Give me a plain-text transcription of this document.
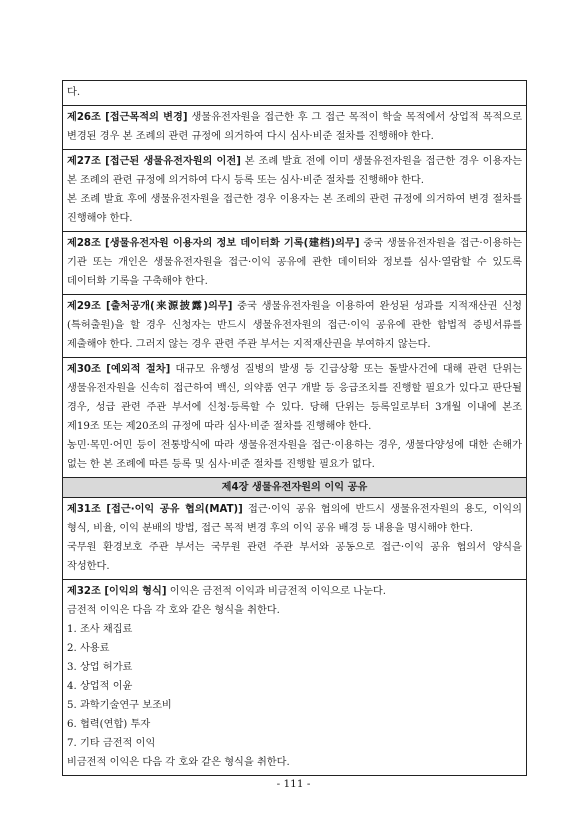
다.

제26조 [접근목적의 변경] 생물유전자원을 접근한 후 그 접근 목적이 학술 목적에서 상업적 목적으로 변경된 경우 본 조례의 관련 규정에 의거하여 다시 심사·비준 절차를 진행해야 한다.

제27조 [접근된 생물유전자원의 이전] 본 조례 발효 전에 이미 생물유전자원을 접근한 경우 이용자는 본 조례의 관련 규정에 의거하여 다시 등록 또는 심사·비준 절차를 진행해야 한다.

본 조례 발효 후에 생물유전자원을 접근한 경우 이용자는 본 조례의 관련 규정에 의거하여 변경 절차를 진행해야 한다.

제28조 [생물유전자원 이용자의 정보 데이터화 기록(建档)의무] 중국 생물유전자원을 접근·이용하는 기관 또는 개인은 생물유전자원을 접근·이익 공유에 관한 데이터와 정보를 심사·열람할 수 있도록 데이터화 기록을 구축해야 한다.

제29조 [출처공개(来源披露)의무] 중국 생물유전자원을 이용하여 완성된 성과를 지적재산권 신청(특허출원)을 할 경우 신청자는 반드시 생물유전자원의 접근·이익 공유에 관한 합법적 증빙서류를 제출해야 한다. 그러지 않는 경우 관련 주관 부서는 지적재산권을 부여하지 않는다.

제30조 [예외적 절차] 대규모 유행성 질병의 발생 등 긴급상황 또는 돌발사건에 대해 관련 단위는 생물유전자원을 신속히 접근하여 백신, 의약품 연구 개발 등 응급조치를 진행할 필요가 있다고 판단될 경우, 성급 관련 주관 부서에 신청·등록할 수 있다. 당해 단위는 등록일로부터 3개월 이내에 본조 제19조 또는 제20조의 규정에 따라 심사·비준 절차를 진행해야 한다.

농민·목민·어민 등이 전통방식에 따라 생물유전자원을 접근·이용하는 경우, 생물다양성에 대한 손해가 없는 한 본 조례에 따른 등록 및 심사·비준 절차를 진행할 필요가 없다.

제4장 생물유전자원의 이익 공유

제31조 [접근·이익 공유 협의(MAT)] 접근·이익 공유 협의에 반드시 생물유전자원의 용도, 이익의 형식, 비율, 이익 분배의 방법, 접근 목적 변경 후의 이익 공유 배경 등 내용을 명시해야 한다.

국무원 환경보호 주관 부서는 국무원 관련 주관 부서와 공동으로 접근·이익 공유 협의서 양식을 작성한다.

제32조 [이익의 형식] 이익은 금전적 이익과 비금전적 이익으로 나눈다.

금전적 이익은 다음 각 호와 같은 형식을 취한다.

1. 조사 채집료

2. 사용료

3. 상업 허가료

4. 상업적 이윤

5. 과학기술연구 보조비

6. 협력(연합) 투자

7. 기타 금전적 이익

비금전적 이익은 다음 각 호와 같은 형식을 취한다.

- 111 -
